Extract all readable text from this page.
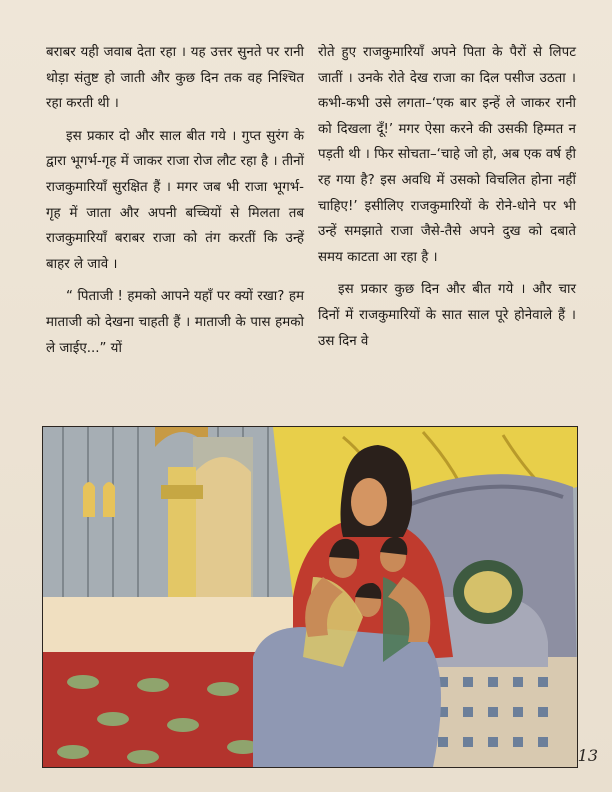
बराबर यही जवाब देता रहा । यह उत्तर सुनते पर रानी थोड़ा संतुष्ट हो जाती और कुछ दिन तक वह निश्चित रहा करती थी ।

इस प्रकार दो और साल बीत गये । गुप्त सुरंग के द्वारा भूगर्भ-गृह में जाकर राजा रोज लौट रहा है । तीनों राजकुमारियाँ सुरक्षित हैं । मगर जब भी राजा भूगर्भ-गृह में जाता और अपनी बच्चियों से मिलता तब राजकुमारियाँ बराबर राजा को तंग करतीं कि उन्हें बाहर ले जावे ।

“ पिताजी ! हमको आपने यहाँ पर क्यों रखा? हम माताजी को देखना चाहती हैं । माताजी के पास हमको ले जाईए...” यों

रोते हुए राजकुमारियाँ अपने पिता के पैरों से लिपट जातीं । उनके रोते देख राजा का दिल पसीज उठता । कभी-कभी उसे लगता–‘एक बार इन्हें ले जाकर रानी को दिखला दूँ!’ मगर ऐसा करने की उसकी हिम्मत न पड़ती थी । फिर सोचता–‘चाहे जो हो, अब एक वर्ष ही रह गया है? इस अवधि में उसको विचलित होना नहीं चाहिए!’ इसीलिए राजकुमारियों के रोने-धोने पर भी उन्हें समझाते राजा जैसे-तैसे अपने दुख को दबाते समय काटता आ रहा है ।

इस प्रकार कुछ दिन और बीत गये । और चार दिनों में राजकुमारियों के सात साल पूरे होनेवाले हैं । उस दिन वे

13
